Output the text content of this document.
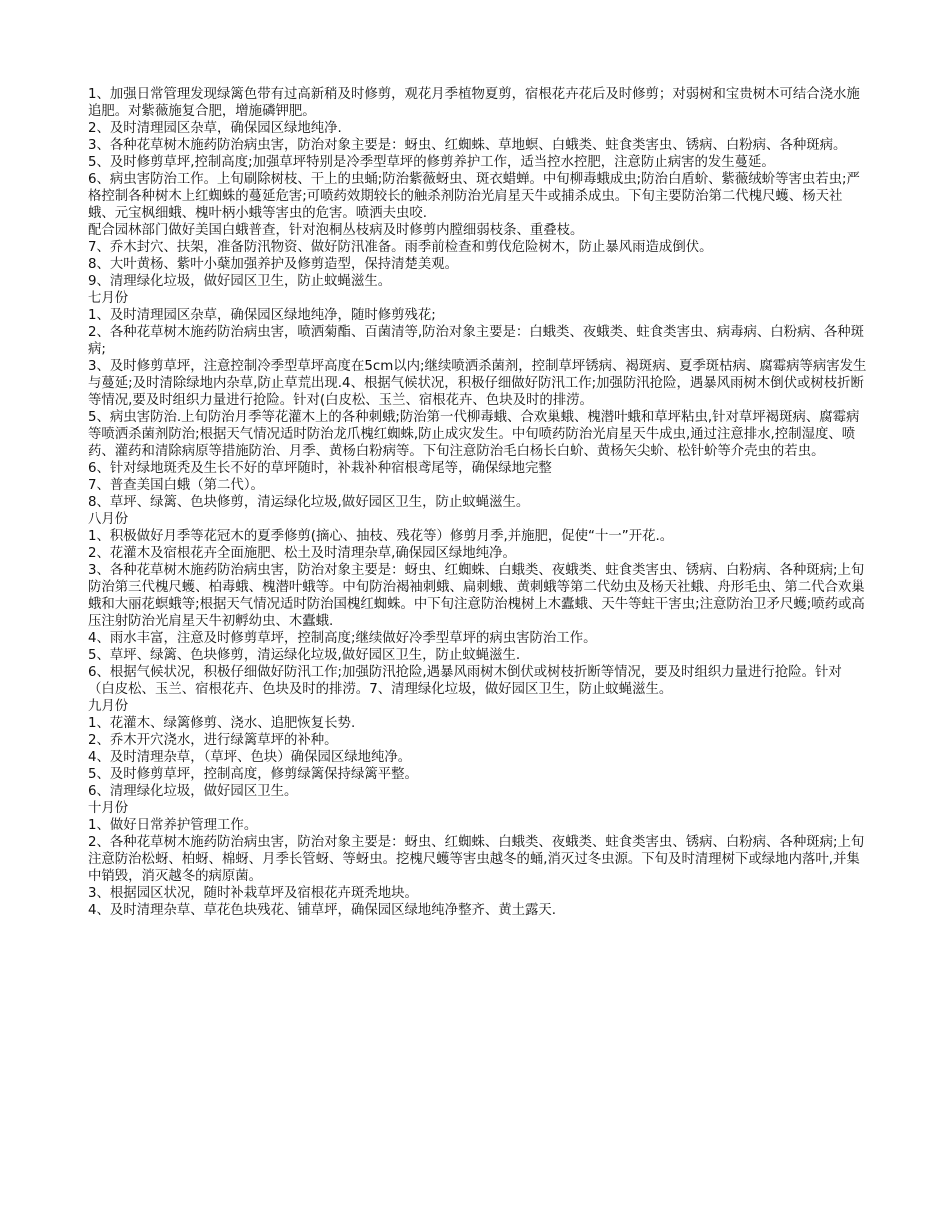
1、加强日常管理发现绿篱色带有过高新稍及时修剪，观花月季植物夏剪，宿根花卉花后及时修剪；对弱树和宝贵树木可结合浇水施追肥。对紫薇施复合肥，增施磷钾肥。

2、及时清理园区杂草，确保园区绿地纯净.

3、各种花草树木施药防治病虫害，防治对象主要是：蚜虫、红蜘蛛、草地螟、白蛾类、蛀食类害虫、锈病、白粉病、各种斑病。

5、及时修剪草坪,控制高度;加强草坪特别是冷季型草坪的修剪养护工作，适当控水控肥，注意防止病害的发生蔓延。

6、病虫害防治工作。上旬刷除树枝、干上的虫蛹;防治紫薇蚜虫、斑衣蜡蝉。中旬柳毒蛾成虫;防治白盾蚧、紫薇绒蚧等害虫若虫;严格控制各种树木上红蜘蛛的蔓延危害;可喷药效期较长的触杀剂防治光肩星天牛或捕杀成虫。下旬主要防治第二代槐尺蠖、杨天社蛾、元宝枫细蛾、槐叶柄小蛾等害虫的危害。喷洒夫虫咬.

配合园林部门做好美国白蛾普查，针对泡桐丛枝病及时修剪内膛细弱枝条、重叠枝。

7、乔木封穴、扶架，准备防汛物资、做好防汛准备。雨季前检查和剪伐危险树木，防止暴风雨造成倒伏。

8、大叶黄杨、紫叶小蘖加强养护及修剪造型，保持清楚美观。

9、清理绿化垃圾，做好园区卫生，防止蚊蝇滋生。

七月份

1、及时清理园区杂草，确保园区绿地纯净，随时修剪残花;

2、各种花草树木施药防治病虫害，喷洒菊酯、百菌清等,防治对象主要是：白蛾类、夜蛾类、蛀食类害虫、病毒病、白粉病、各种斑病;

3、及时修剪草坪，注意控制冷季型草坪高度在5cm以内;继续喷洒杀菌剂，控制草坪锈病、褐斑病、夏季斑枯病、腐霉病等病害发生与蔓延;及时清除绿地内杂草,防止草荒出现.4、根据气候状况，积极仔细做好防汛工作;加强防汛抢险，遇暴风雨树木倒伏或树枝折断等情况,要及时组织力量进行抢险。针对(白皮松、玉兰、宿根花卉、色块及时的排涝。

5、病虫害防治.上旬防治月季等花灌木上的各种刺蛾;防治第一代柳毒蛾、合欢巢蛾、槐潜叶蛾和草坪粘虫,针对草坪褐斑病、腐霉病等喷洒杀菌剂防治;根据天气情况适时防治龙爪槐红蜘蛛,防止成灾发生。中旬喷药防治光肩星天牛成虫,通过注意排水,控制湿度、喷药、灌药和清除病原等措施防治、月季、黄杨白粉病等。下旬注意防治毛白杨长白蚧、黄杨矢尖蚧、松针蚧等介壳虫的若虫。

6、针对绿地斑秃及生长不好的草坪随时，补栽补种宿根鸢尾等，确保绿地完整

7、普查美国白蛾（第二代）。

8、草坪、绿篱、色块修剪，清运绿化垃圾,做好园区卫生，防止蚊蝇滋生。

八月份

1、积极做好月季等花冠木的夏季修剪(摘心、抽枝、残花等）修剪月季,并施肥，促使“十一”开花.。

2、花灌木及宿根花卉全面施肥、松土及时清理杂草,确保园区绿地纯净。

3、各种花草树木施药防治病虫害，防治对象主要是：蚜虫、红蜘蛛、白蛾类、夜蛾类、蛀食类害虫、锈病、白粉病、各种斑病;上旬防治第三代槐尺蠖、柏毒蛾、槐潜叶蛾等。中旬防治褐袖刺蛾、扁刺蛾、黄刺蛾等第二代幼虫及杨天社蛾、舟形毛虫、第二代合欢巢蛾和大丽花螟蛾等;根据天气情况适时防治国槐红蜘蛛。中下旬注意防治槐树上木蠹蛾、天牛等蛀干害虫;注意防治卫矛尺蠖;喷药或高压注射防治光肩星天牛初孵幼虫、木蠹蛾.

4、雨水丰富，注意及时修剪草坪，控制高度;继续做好冷季型草坪的病虫害防治工作。

5、草坪、绿篱、色块修剪，清运绿化垃圾,做好园区卫生，防止蚊蝇滋生.

6、根据气候状况，积极仔细做好防汛工作;加强防汛抢险,遇暴风雨树木倒伏或树枝折断等情况，要及时组织力量进行抢险。针对（白皮松、玉兰、宿根花卉、色块及时的排涝。7、清理绿化垃圾，做好园区卫生，防止蚊蝇滋生。

九月份

1、花灌木、绿篱修剪、浇水、追肥恢复长势.

2、乔木开穴浇水，进行绿篱草坪的补种。

4、及时清理杂草，（草坪、色块）确保园区绿地纯净。

5、及时修剪草坪，控制高度，修剪绿篱保持绿篱平整。

6、清理绿化垃圾，做好园区卫生。

十月份

1、做好日常养护管理工作。

2、各种花草树木施药防治病虫害，防治对象主要是：蚜虫、红蜘蛛、白蛾类、夜蛾类、蛀食类害虫、锈病、白粉病、各种斑病;上旬注意防治松蚜、柏蚜、棉蚜、月季长管蚜、等蚜虫。挖槐尺蠖等害虫越冬的蛹,消灭过冬虫源。下旬及时清理树下或绿地内落叶,并集中销毁，消灭越冬的病原菌。

3、根据园区状况，随时补栽草坪及宿根花卉斑秃地块。

4、及时清理杂草、草花色块残花、铺草坪，确保园区绿地纯净整齐、黄土露天.
